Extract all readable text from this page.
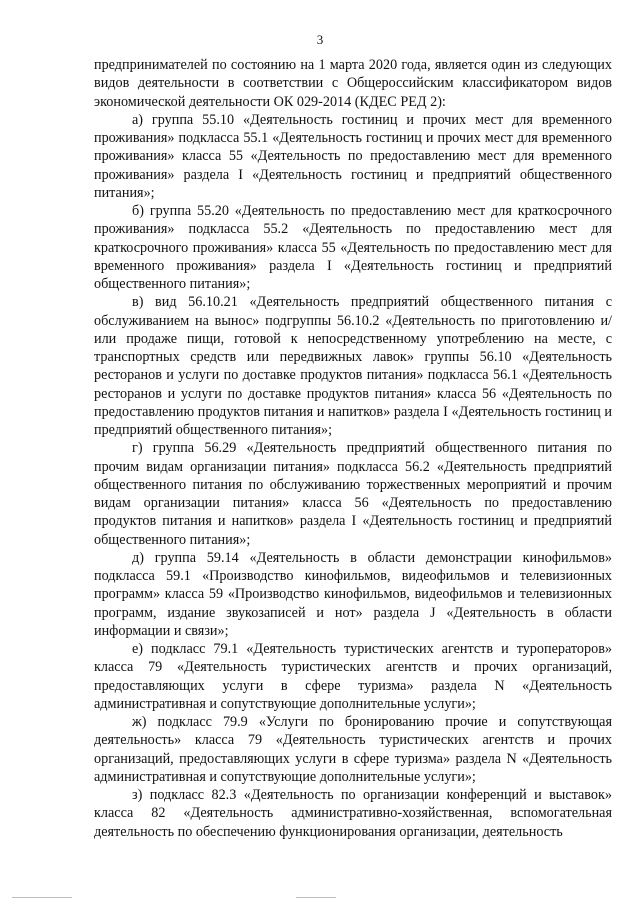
3

предпринимателей по состоянию на 1 марта 2020 года, является один из следующих видов деятельности в соответствии с Общероссийским классификатором видов экономической деятельности ОК 029-2014 (КДЕС РЕД 2):

а) группа 55.10 «Деятельность гостиниц и прочих мест для временного проживания» подкласса 55.1 «Деятельность гостиниц и прочих мест для временного проживания» класса 55 «Деятельность по предоставлению мест для временного проживания» раздела I «Деятельность гостиниц и предприятий общественного питания»;

б) группа 55.20 «Деятельность по предоставлению мест для краткосрочного проживания» подкласса 55.2 «Деятельность по предоставлению мест для краткосрочного проживания» класса 55 «Деятельность по предоставлению мест для временного проживания» раздела I «Деятельность гостиниц и предприятий общественного питания»;

в) вид 56.10.21 «Деятельность предприятий общественного питания с обслуживанием на вынос» подгруппы 56.10.2 «Деятельность по приготовлению и/или продаже пищи, готовой к непосредственному употреблению на месте, с транспортных средств или передвижных лавок» группы 56.10 «Деятельность ресторанов и услуги по доставке продуктов питания» подкласса 56.1 «Деятельность ресторанов и услуги по доставке продуктов питания» класса 56 «Деятельность по предоставлению продуктов питания и напитков» раздела I «Деятельность гостиниц и предприятий общественного питания»;

г) группа 56.29 «Деятельность предприятий общественного питания по прочим видам организации питания» подкласса 56.2 «Деятельность предприятий общественного питания по обслуживанию торжественных мероприятий и прочим видам организации питания» класса 56 «Деятельность по предоставлению продуктов питания и напитков» раздела I «Деятельность гостиниц и предприятий общественного питания»;

д) группа 59.14 «Деятельность в области демонстрации кинофильмов» подкласса 59.1 «Производство кинофильмов, видеофильмов и телевизионных программ» класса 59 «Производство кинофильмов, видеофильмов и телевизионных программ, издание звукозаписей и нот» раздела J «Деятельность в области информации и связи»;

е) подкласс 79.1 «Деятельность туристических агентств и туроператоров» класса 79 «Деятельность туристических агентств и прочих организаций, предоставляющих услуги в сфере туризма» раздела N «Деятельность административная и сопутствующие дополнительные услуги»;

ж) подкласс 79.9 «Услуги по бронированию прочие и сопутствующая деятельность» класса 79 «Деятельность туристических агентств и прочих организаций, предоставляющих услуги в сфере туризма» раздела N «Деятельность административная и сопутствующие дополнительные услуги»;

з) подкласс 82.3 «Деятельность по организации конференций и выставок» класса 82 «Деятельность административно-хозяйственная, вспомогательная деятельность по обеспечению функционирования организации, деятельность
